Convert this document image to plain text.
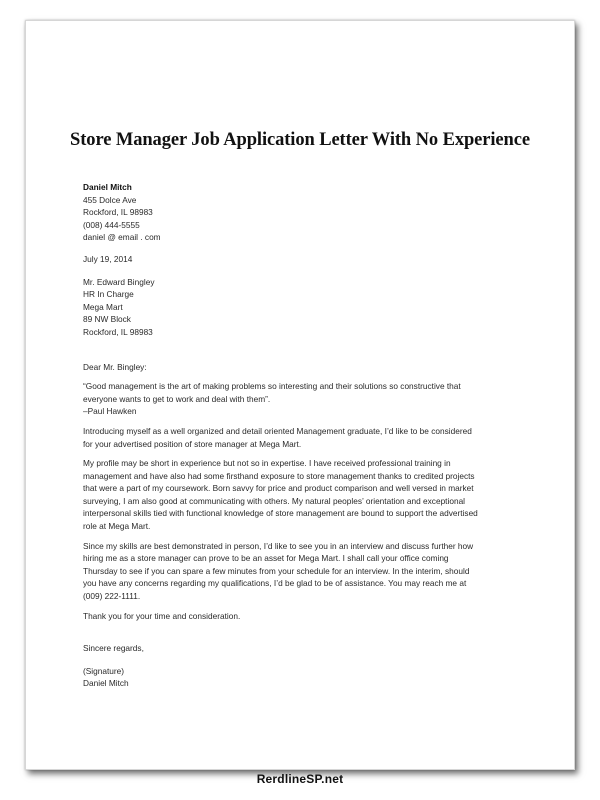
Store Manager Job Application Letter With No Experience
Daniel Mitch
455 Dolce Ave
Rockford, IL 98983
(008) 444-5555
daniel @ email . com
July 19, 2014
Mr. Edward Bingley
HR In Charge
Mega Mart
89 NW Block
Rockford, IL 98983
Dear Mr. Bingley:
“Good management is the art of making problems so interesting and their solutions so constructive that
everyone wants to get to work and deal with them”.
–Paul Hawken
Introducing myself as a well organized and detail oriented Management graduate, I’d like to be considered
for your advertised position of store manager at Mega Mart.
My profile may be short in experience but not so in expertise. I have received professional training in
management and have also had some firsthand exposure to store management thanks to credited projects
that were a part of my coursework. Born savvy for price and product comparison and well versed in market
surveying, I am also good at communicating with others. My natural peoples’ orientation and exceptional
interpersonal skills tied with functional knowledge of store management are bound to support the advertised
role at Mega Mart.
Since my skills are best demonstrated in person, I’d like to see you in an interview and discuss further how
hiring me as a store manager can prove to be an asset for Mega Mart. I shall call your office coming
Thursday to see if you can spare a few minutes from your schedule for an interview. In the interim, should
you have any concerns regarding my qualifications, I’d be glad to be of assistance. You may reach me at
(009) 222-1111.
Thank you for your time and consideration.
Sincere regards,
(Signature)
Daniel Mitch
RerdlineSP.net
